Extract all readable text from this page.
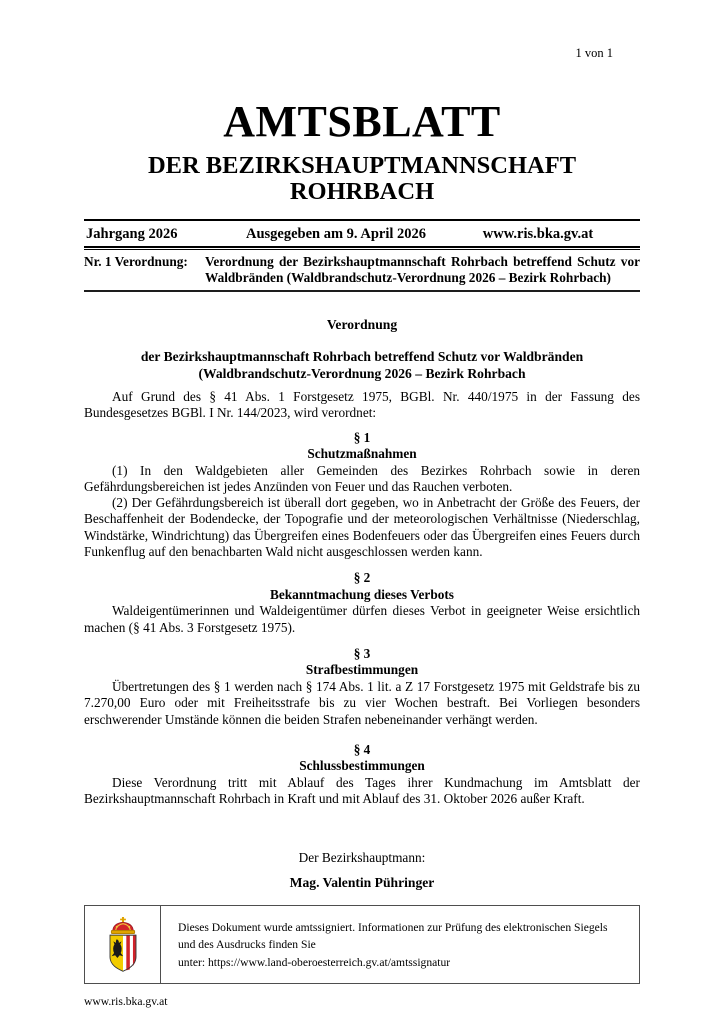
1 von 1
AMTSBLATT
DER BEZIRKSHAUPTMANNSCHAFT
ROHRBACH
Jahrgang 2026	Ausgegeben am 9. April 2026	www.ris.bka.gv.at
Nr. 1 Verordnung:	Verordnung der Bezirkshauptmannschaft Rohrbach betreffend Schutz vor Waldbränden (Waldbrandschutz-Verordnung 2026 – Bezirk Rohrbach)
Verordnung
der Bezirkshauptmannschaft Rohrbach betreffend Schutz vor Waldbränden
(Waldbrandschutz-Verordnung 2026 – Bezirk Rohrbach

Auf Grund des § 41 Abs. 1 Forstgesetz 1975, BGBl. Nr. 440/1975 in der Fassung des Bundesgesetzes BGBl. I Nr. 144/2023, wird verordnet:

§ 1
Schutzmaßnahmen

(1) In den Waldgebieten aller Gemeinden des Bezirkes Rohrbach sowie in deren Gefährdungsbereichen ist jedes Anzünden von Feuer und das Rauchen verboten.

(2) Der Gefährdungsbereich ist überall dort gegeben, wo in Anbetracht der Größe des Feuers, der Beschaffenheit der Bodendecke, der Topografie und der meteorologischen Verhältnisse (Niederschlag, Windstärke, Windrichtung) das Übergreifen eines Bodenfeuers oder das Übergreifen eines Feuers durch Funkenflug auf den benachbarten Wald nicht ausgeschlossen werden kann.

§ 2
Bekanntmachung dieses Verbots

Waldeigentümerinnen und Waldeigentümer dürfen dieses Verbot in geeigneter Weise ersichtlich machen (§ 41 Abs. 3 Forstgesetz 1975).

§ 3
Strafbestimmungen

Übertretungen des § 1 werden nach § 174 Abs. 1 lit. a Z 17 Forstgesetz 1975 mit Geldstrafe bis zu 7.270,00 Euro oder mit Freiheitsstrafe bis zu vier Wochen bestraft. Bei Vorliegen besonders erschwerender Umstände können die beiden Strafen nebeneinander verhängt werden.

§ 4
Schlussbestimmungen

Diese Verordnung tritt mit Ablauf des Tages ihrer Kundmachung im Amtsblatt der Bezirkshauptmannschaft Rohrbach in Kraft und mit Ablauf des 31. Oktober 2026 außer Kraft.

Der Bezirkshauptmann:
Mag. Valentin Pühringer
Dieses Dokument wurde amtssigniert. Informationen zur Prüfung des elektronischen Siegels und des Ausdrucks finden Sie
unter: https://www.land-oberoesterreich.gv.at/amtssignatur
www.ris.bka.gv.at
